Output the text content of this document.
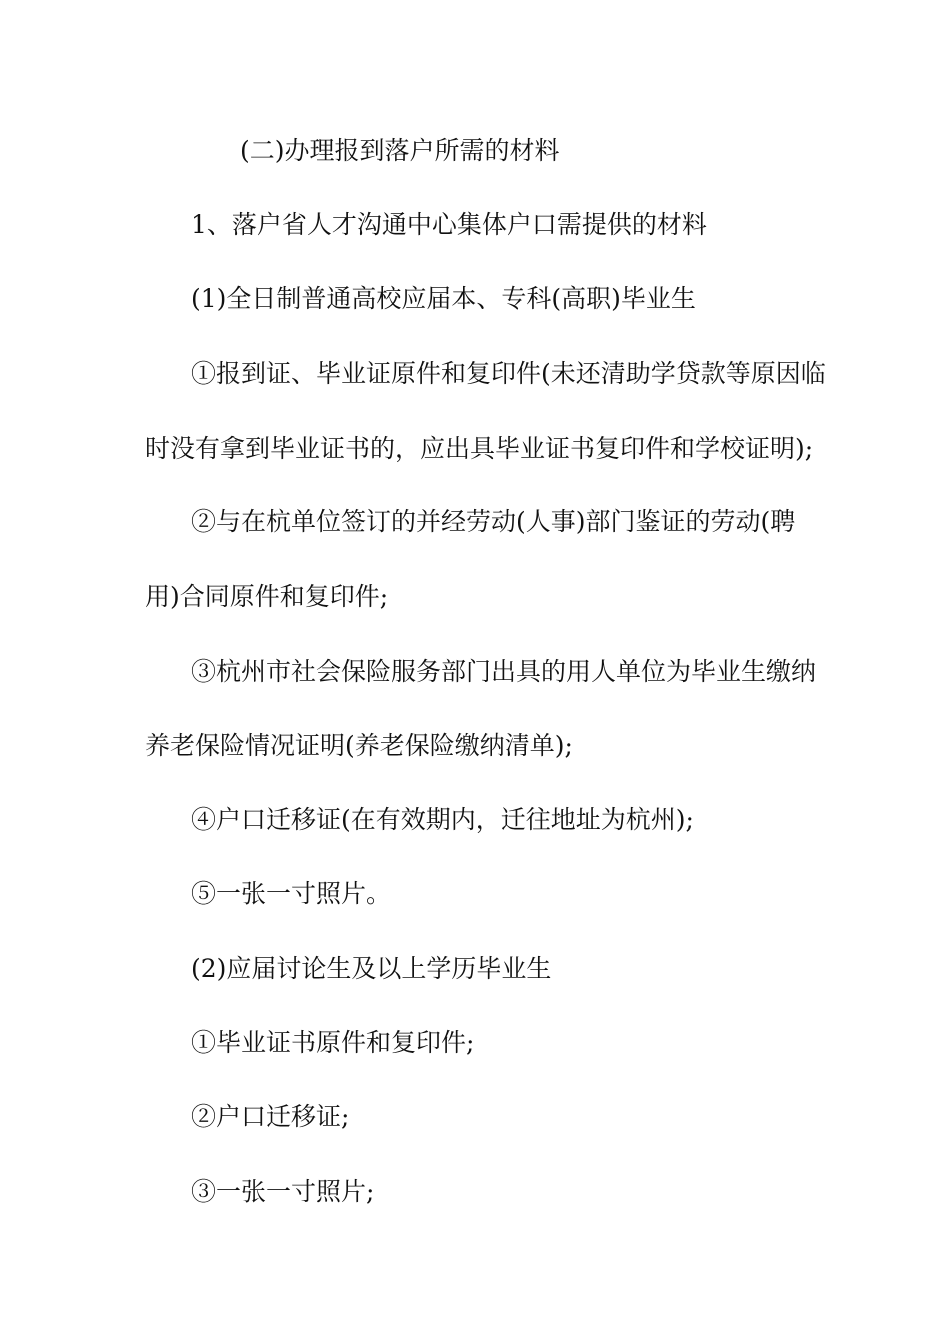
(二)办理报到落户所需的材料
1、落户省人才沟通中心集体户口需提供的材料
(1)全日制普通高校应届本、专科(高职)毕业生
①报到证、毕业证原件和复印件(未还清助学贷款等原因临
时没有拿到毕业证书的，应出具毕业证书复印件和学校证明);
②与在杭单位签订的并经劳动(人事)部门鉴证的劳动(聘
用)合同原件和复印件;
③杭州市社会保险服务部门出具的用人单位为毕业生缴纳
养老保险情况证明(养老保险缴纳清单);
④户口迁移证(在有效期内，迁往地址为杭州);
⑤一张一寸照片。
(2)应届讨论生及以上学历毕业生
①毕业证书原件和复印件;
②户口迁移证;
③一张一寸照片;
